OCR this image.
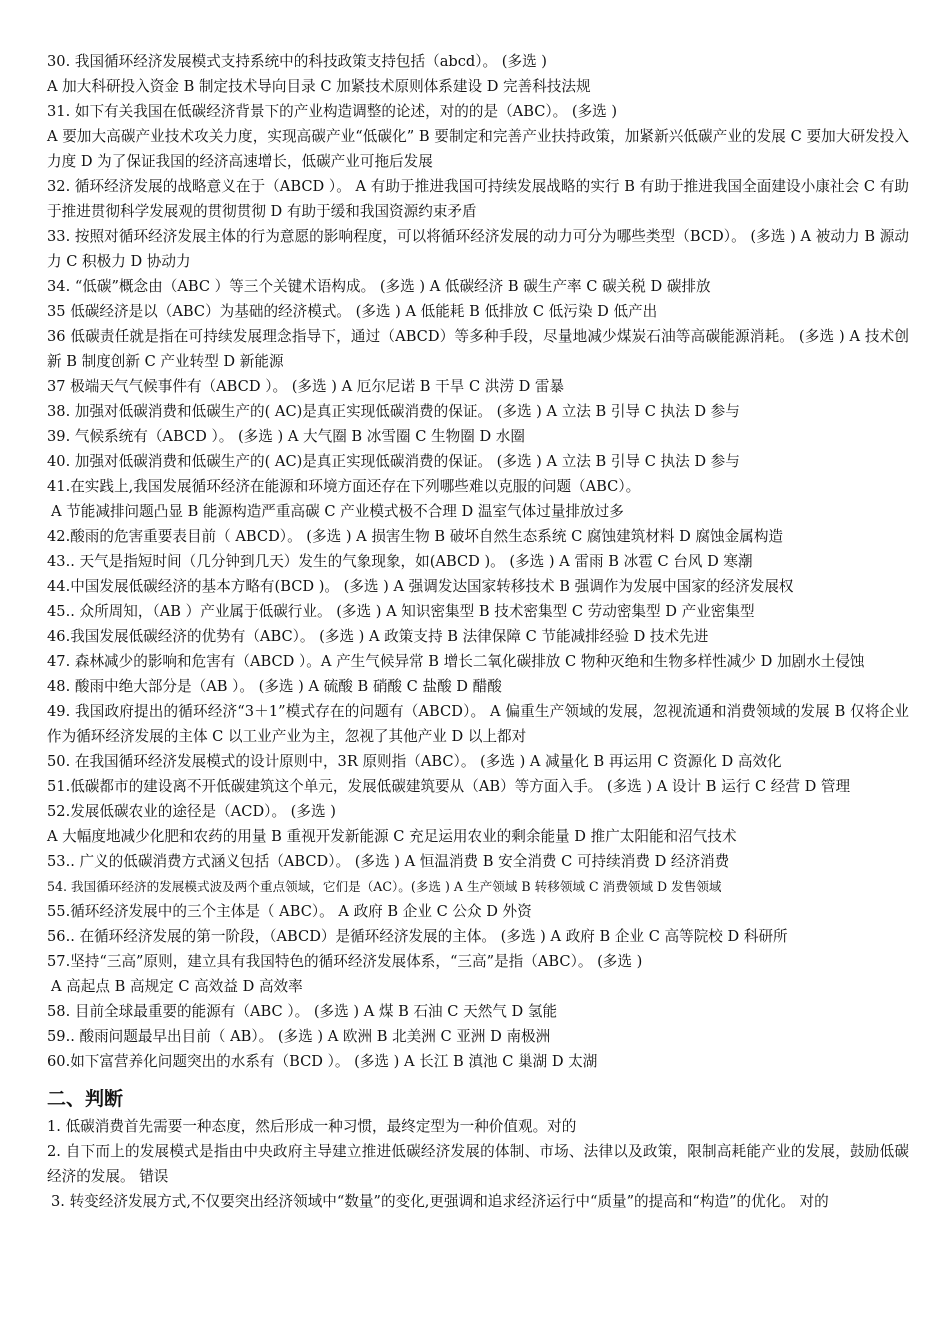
30. 我国循环经济发展模式支持系统中的科技政策支持包括（abcd）。 (多选 )

A 加大科研投入资金 B 制定技术导向目录 C 加紧技术原则体系建设 D 完善科技法规

31. 如下有关我国在低碳经济背景下的产业构造调整的论述，对的的是（ABC）。 (多选 )

A 要加大高碳产业技术攻关力度，实现高碳产业“低碳化” B 要制定和完善产业扶持政策，加紧新兴低碳产业的发展 C 要加大研发投入力度 D 为了保证我国的经济高速增长，低碳产业可拖后发展

32. 循环经济发展的战略意义在于（ABCD ）。 A 有助于推进我国可持续发展战略的实行 B 有助于推进我国全面建设小康社会 C 有助于推进贯彻科学发展观的贯彻贯彻 D 有助于缓和我国资源约束矛盾

33. 按照对循环经济发展主体的行为意愿的影响程度，可以将循环经济发展的动力可分为哪些类型（BCD）。 (多选 ) A 被动力 B 源动力 C 积极力 D 协动力

34. “低碳”概念由（ABC ）等三个关键术语构成。 (多选 ) A 低碳经济 B 碳生产率 C 碳关税 D 碳排放

35 低碳经济是以（ABC）为基础的经济模式。 (多选 ) A 低能耗 B 低排放 C 低污染 D 低产出

36 低碳责任就是指在可持续发展理念指导下，通过（ABCD）等多种手段，尽量地减少煤炭石油等高碳能源消耗。 (多选 ) A 技术创新 B 制度创新 C 产业转型 D 新能源

37 极端天气气候事件有（ABCD ）。 (多选 ) A 厄尔尼诺 B 干旱 C 洪涝 D 雷暴

38. 加强对低碳消费和低碳生产的( AC)是真正实现低碳消费的保证。 (多选 ) A 立法 B 引导 C 执法 D 参与

39. 气候系统有（ABCD ）。 (多选 ) A 大气圈 B 冰雪圈 C 生物圈 D 水圈

40. 加强对低碳消费和低碳生产的( AC)是真正实现低碳消费的保证。 (多选 ) A 立法 B 引导 C 执法 D 参与

41.在实践上,我国发展循环经济在能源和环境方面还存在下列哪些难以克服的问题（ABC）。

A 节能减排问题凸显 B 能源构造严重高碳 C 产业模式极不合理 D 温室气体过量排放过多

42.酸雨的危害重要表目前（ ABCD）。 (多选 ) A 损害生物 B 破坏自然生态系统 C 腐蚀建筑材料 D 腐蚀金属构造

43.. 天气是指短时间（几分钟到几天）发生的气象现象，如(ABCD )。 (多选 ) A 雷雨 B 冰雹 C 台风 D 寒潮

44.中国发展低碳经济的基本方略有(BCD )。 (多选 ) A 强调发达国家转移技术 B 强调作为发展中国家的经济发展权

45.. 众所周知，（AB ）产业属于低碳行业。 (多选 ) A 知识密集型 B 技术密集型 C 劳动密集型 D 产业密集型

46.我国发展低碳经济的优势有（ABC）。 (多选 ) A 政策支持 B 法律保障 C 节能减排经验 D 技术先进

47. 森林减少的影响和危害有（ABCD ）。A 产生气候异常 B 增长二氧化碳排放 C 物种灭绝和生物多样性减少 D 加剧水土侵蚀

48. 酸雨中绝大部分是（AB ）。 (多选 ) A 硫酸 B 硝酸 C 盐酸 D 醋酸

49. 我国政府提出的循环经济“3＋1”模式存在的问题有（ABCD）。 A 偏重生产领域的发展，忽视流通和消费领域的发展 B 仅将企业作为循环经济发展的主体 C 以工业产业为主，忽视了其他产业 D 以上都对

50. 在我国循环经济发展模式的设计原则中，3R 原则指（ABC）。 (多选 ) A 减量化 B 再运用 C 资源化 D 高效化

51.低碳都市的建设离不开低碳建筑这个单元，发展低碳建筑要从（AB）等方面入手。 (多选 ) A 设计 B 运行 C 经营 D 管理

52.发展低碳农业的途径是（ACD）。 (多选 )

A 大幅度地减少化肥和农药的用量 B 重视开发新能源 C 充足运用农业的剩余能量 D 推广太阳能和沼气技术

53.. 广义的低碳消费方式涵义包括（ABCD）。 (多选 ) A 恒温消费 B 安全消费 C 可持续消费 D 经济消费

54. 我国循环经济的发展模式波及两个重点领域，它们是（AC）。(多选 ) A 生产领域 B 转移领域 C 消费领域 D 发售领域

55.循环经济发展中的三个主体是（ ABC）。 A 政府 B 企业 C 公众 D 外资

56.. 在循环经济发展的第一阶段，（ABCD）是循环经济发展的主体。 (多选 ) A 政府 B 企业 C 高等院校 D 科研所

57.坚持“三高”原则，建立具有我国特色的循环经济发展体系，“三高”是指（ABC）。 (多选 )

A 高起点 B 高规定 C 高效益 D 高效率

58. 目前全球最重要的能源有（ABC ）。 (多选 ) A 煤 B 石油 C 天然气 D 氢能

59.. 酸雨问题最早出目前（ AB）。 (多选 ) A 欧洲 B 北美洲 C 亚洲 D 南极洲

60.如下富营养化问题突出的水系有（BCD ）。 (多选 ) A 长江 B 滇池 C 巢湖 D 太湖

二、判断

1. 低碳消费首先需要一种态度，然后形成一种习惯，最终定型为一种价值观。对的

2. 自下而上的发展模式是指由中央政府主导建立推进低碳经济发展的体制、市场、法律以及政策，限制高耗能产业的发展，鼓励低碳经济的发展。 错误

3. 转变经济发展方式,不仅要突出经济领域中“数量”的变化,更强调和追求经济运行中“质量”的提高和“构造”的优化。 对的
